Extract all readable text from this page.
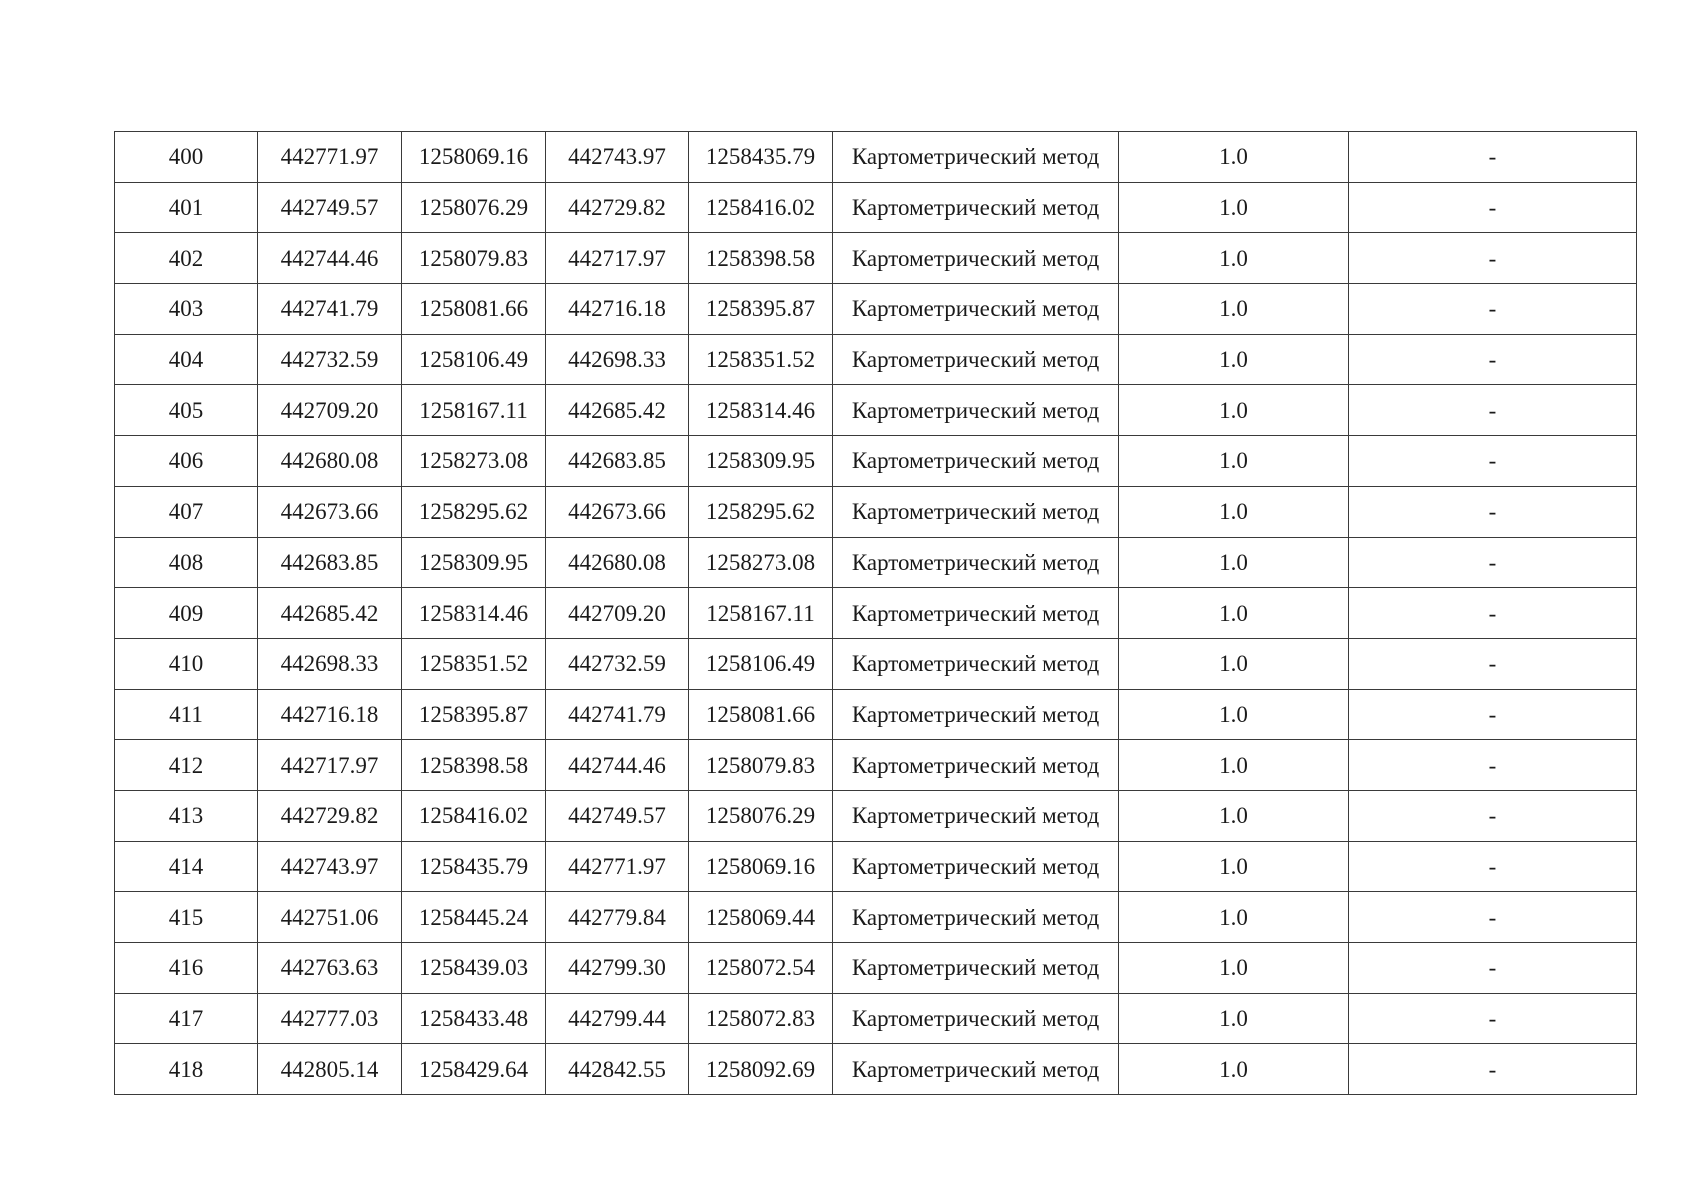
400	442771.97	1258069.16	442743.97	1258435.79	Картометрический метод	1.0	-
401	442749.57	1258076.29	442729.82	1258416.02	Картометрический метод	1.0	-
402	442744.46	1258079.83	442717.97	1258398.58	Картометрический метод	1.0	-
403	442741.79	1258081.66	442716.18	1258395.87	Картометрический метод	1.0	-
404	442732.59	1258106.49	442698.33	1258351.52	Картометрический метод	1.0	-
405	442709.20	1258167.11	442685.42	1258314.46	Картометрический метод	1.0	-
406	442680.08	1258273.08	442683.85	1258309.95	Картометрический метод	1.0	-
407	442673.66	1258295.62	442673.66	1258295.62	Картометрический метод	1.0	-
408	442683.85	1258309.95	442680.08	1258273.08	Картометрический метод	1.0	-
409	442685.42	1258314.46	442709.20	1258167.11	Картометрический метод	1.0	-
410	442698.33	1258351.52	442732.59	1258106.49	Картометрический метод	1.0	-
411	442716.18	1258395.87	442741.79	1258081.66	Картометрический метод	1.0	-
412	442717.97	1258398.58	442744.46	1258079.83	Картометрический метод	1.0	-
413	442729.82	1258416.02	442749.57	1258076.29	Картометрический метод	1.0	-
414	442743.97	1258435.79	442771.97	1258069.16	Картометрический метод	1.0	-
415	442751.06	1258445.24	442779.84	1258069.44	Картометрический метод	1.0	-
416	442763.63	1258439.03	442799.30	1258072.54	Картометрический метод	1.0	-
417	442777.03	1258433.48	442799.44	1258072.83	Картометрический метод	1.0	-
418	442805.14	1258429.64	442842.55	1258092.69	Картометрический метод	1.0	-
